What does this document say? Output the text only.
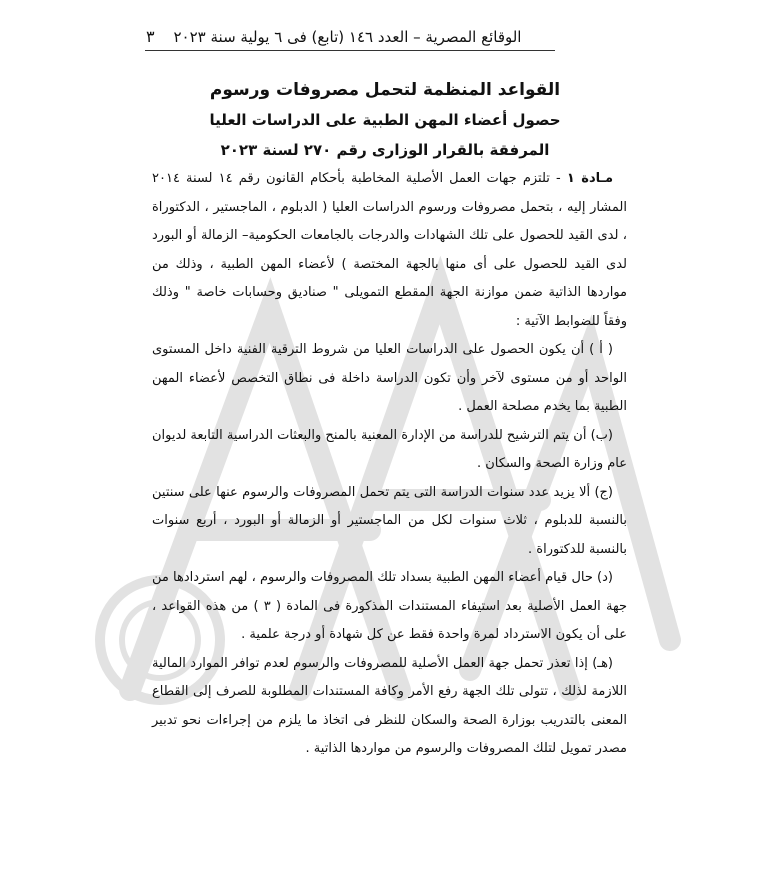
الوقائع المصرية – العدد ١٤٦ (تابع) فى ٦ يولية سنة ٢٠٢٣
٣
القواعد المنظمة لتحمل مصروفات ورسوم
حصول أعضاء المهن الطبية على الدراسات العليا
المرفقة بالقرار الوزارى رقم ٢٧٠ لسنة ٢٠٢٣

مـادة ١ - تلتزم جهات العمل الأصلية المخاطبة بأحكام القانون رقم ١٤ لسنة ٢٠١٤ المشار إليه ، بتحمل مصروفات ورسوم الدراسات العليا ( الدبلوم ، الماجستير ، الدكتوراة ، لدى القيد للحصول على تلك الشهادات والدرجات بالجامعات الحكومية– الزمالة أو البورد لدى القيد للحصول على أى منها بالجهة المختصة ) لأعضاء المهن الطبية ، وذلك من مواردها الذاتية ضمن موازنة الجهة المقطع التمويلى " صناديق وحسابات خاصة " وذلك وفقاً للضوابط الآتية :

( أ ) أن يكون الحصول على الدراسات العليا من شروط الترقية الفنية داخل المستوى الواحد أو من مستوى لآخر وأن تكون الدراسة داخلة فى نطاق التخصص لأعضاء المهن الطبية بما يخدم مصلحة العمل .

(ب) أن يتم الترشيح للدراسة من الإدارة المعنية بالمنح والبعثات الدراسية التابعة لديوان عام وزارة الصحة والسكان .

(ج) ألا يزيد عدد سنوات الدراسة التى يتم تحمل المصروفات والرسوم عنها على سنتين بالنسبة للدبلوم ، ثلاث سنوات لكل من الماجستير أو الزمالة أو البورد ، أربع سنوات بالنسبة للدكتوراة .

(د) حال قيام أعضاء المهن الطبية بسداد تلك المصروفات والرسوم ، لهم استردادها من جهة العمل الأصلية بعد استيفاء المستندات المذكورة فى المادة ( ٣ ) من هذه القواعد ، على أن يكون الاسترداد لمرة واحدة فقط عن كل شهادة أو درجة علمية .

(هـ) إذا تعذر تحمل جهة العمل الأصلية للمصروفات والرسوم لعدم توافر الموارد المالية اللازمة لذلك ، تتولى تلك الجهة رفع الأمر وكافة المستندات المطلوبة للصرف إلى القطاع المعنى بالتدريب بوزارة الصحة والسكان للنظر فى اتخاذ ما يلزم من إجراءات نحو تدبير مصدر تمويل لتلك المصروفات والرسوم من مواردها الذاتية .
